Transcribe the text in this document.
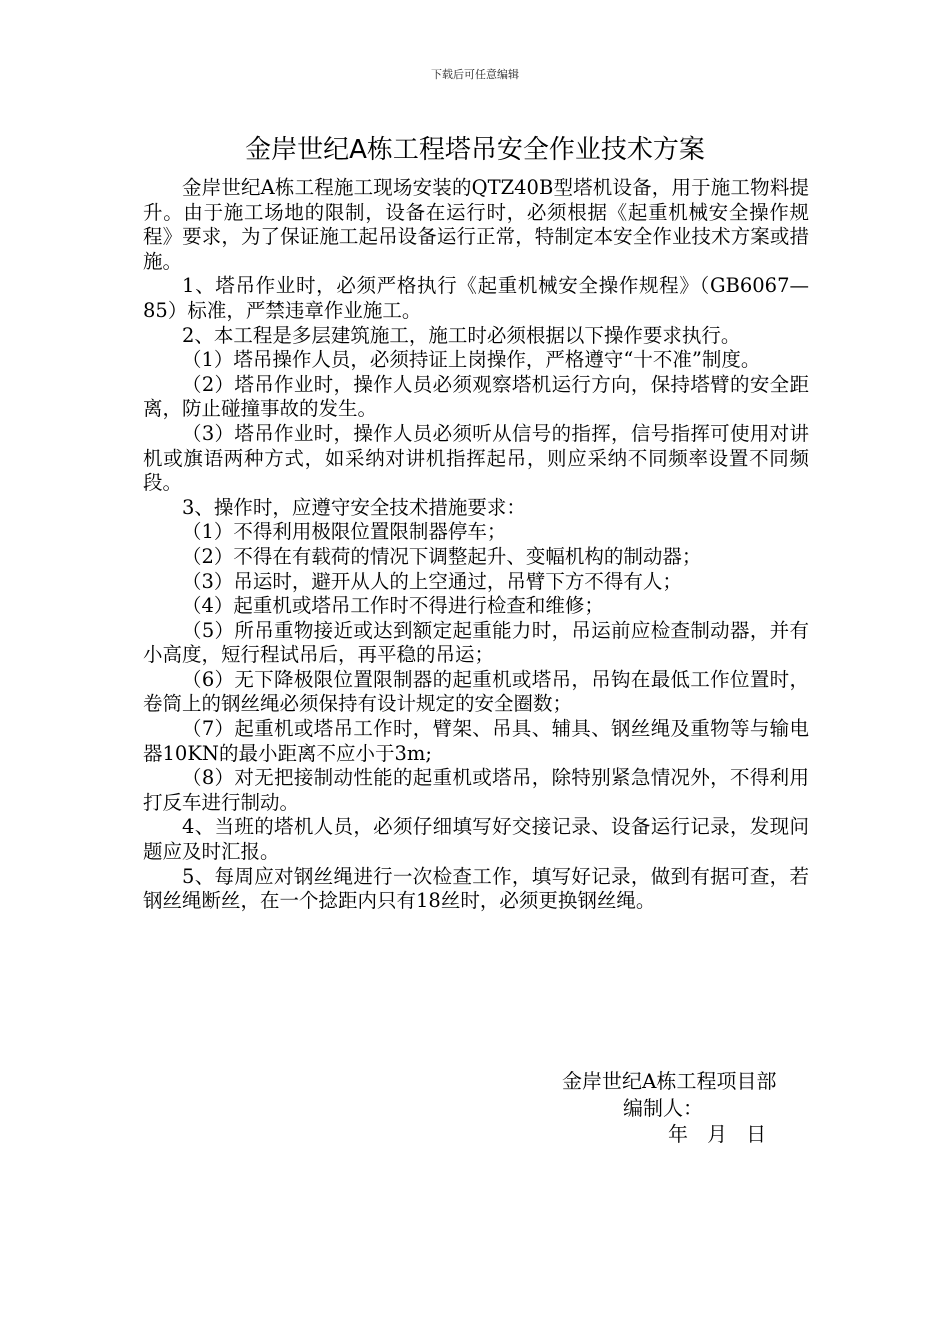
下载后可任意编辑
金岸世纪A栋工程塔吊安全作业技术方案

金岸世纪A栋工程施工现场安装的QTZ40B型塔机设备，用于施工物料提升。由于施工场地的限制，设备在运行时，必须根据《起重机械安全操作规程》要求，为了保证施工起吊设备运行正常，特制定本安全作业技术方案或措施。

1、塔吊作业时，必须严格执行《起重机械安全操作规程》（GB6067—85）标准，严禁违章作业施工。

2、本工程是多层建筑施工，施工时必须根据以下操作要求执行。

（1）塔吊操作人员，必须持证上岗操作，严格遵守“十不准”制度。

（2）塔吊作业时，操作人员必须观察塔机运行方向，保持塔臂的安全距离，防止碰撞事故的发生。

（3）塔吊作业时，操作人员必须听从信号的指挥，信号指挥可使用对讲机或旗语两种方式，如采纳对讲机指挥起吊，则应采纳不同频率设置不同频段。

3、操作时，应遵守安全技术措施要求：

（1）不得利用极限位置限制器停车；

（2）不得在有载荷的情况下调整起升、变幅机构的制动器；

（3）吊运时，避开从人的上空通过，吊臂下方不得有人；

（4）起重机或塔吊工作时不得进行检查和维修；

（5）所吊重物接近或达到额定起重能力时，吊运前应检查制动器，并有小高度，短行程试吊后，再平稳的吊运；

（6）无下降极限位置限制器的起重机或塔吊，吊钩在最低工作位置时，卷筒上的钢丝绳必须保持有设计规定的安全圈数；

（7）起重机或塔吊工作时，臂架、吊具、辅具、钢丝绳及重物等与输电器10KN的最小距离不应小于3m;

（8）对无把接制动性能的起重机或塔吊，除特别紧急情况外，不得利用打反车进行制动。

4、当班的塔机人员，必须仔细填写好交接记录、设备运行记录，发现问题应及时汇报。

5、每周应对钢丝绳进行一次检查工作，填写好记录，做到有据可查，若钢丝绳断丝，在一个捻距内只有18丝时，必须更换钢丝绳。

金岸世纪A栋工程项目部
编制人：
年   月   日
